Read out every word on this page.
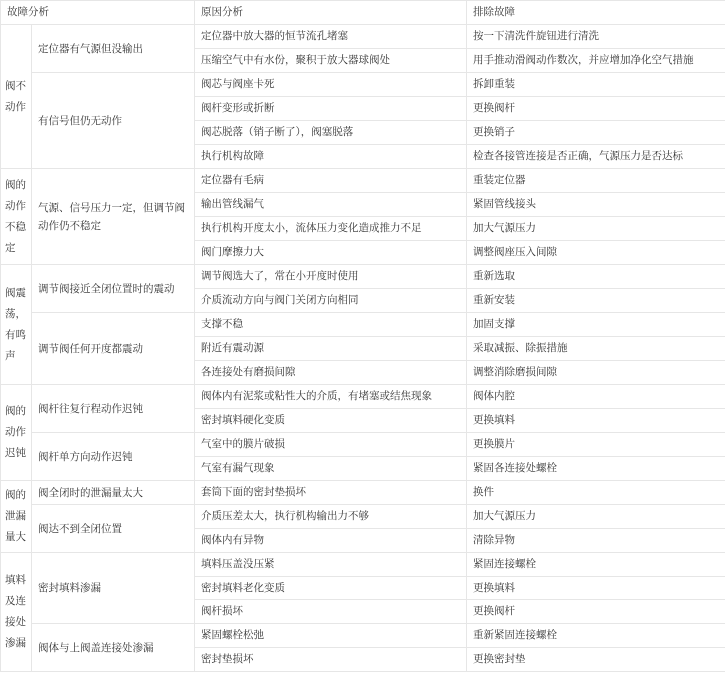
故障分析		原因分析	排除故障
阀不动作	定位器有气源但没输出	定位器中放大器的恒节流孔堵塞	按一下清洗件旋钮进行清洗
		压缩空气中有水份，聚积于放大器球阀处	用手推动滑阀动作数次，并应增加净化空气措施
	有信号但仍无动作	阀芯与阀座卡死	拆卸重装
		阀杆变形或折断	更换阀杆
		阀芯脱落（销子断了），阀塞脱落	更换销子
		执行机构故障	检查各接管连接是否正确，气源压力是否达标
阀的动作不稳定	气源、信号压力一定，但调节阀动作仍不稳定	定位器有毛病	重装定位器
		输出管线漏气	紧固管线接头
		执行机构开度太小，流体压力变化造成推力不足	加大气源压力
		阀门摩擦力大	调整阀座压入间隙
阀震荡，有鸣声	调节阀接近全闭位置时的震动	调节阀选大了，常在小开度时使用	重新选取
		介质流动方向与阀门关闭方向相同	重新安装
	调节阀任何开度都震动	支撑不稳	加固支撑
		附近有震动源	采取减振、除振措施
		各连接处有磨损间隙	调整消除磨损间隙
阀的动作迟钝	阀杆往复行程动作迟钝	阀体内有泥浆或粘性大的介质，有堵塞或结焦现象	阀体内腔
		密封填料硬化变质	更换填料
	阀杆单方向动作迟钝	气室中的膜片破损	更换膜片
		气室有漏气现象	紧固各连接处螺栓
阀的泄漏量大	阀全闭时的泄漏量太大	套筒下面的密封垫损坏	换件
	阀达不到全闭位置	介质压差太大，执行机构输出力不够	加大气源压力
		阀体内有异物	清除异物
填料及连接处渗漏	密封填料渗漏	填料压盖没压紧	紧固连接螺栓
		密封填料老化变质	更换填料
		阀杆损坏	更换阀杆
	阀体与上阀盖连接处渗漏	紧固螺栓松弛	重新紧固连接螺栓
		密封垫损坏	更换密封垫
